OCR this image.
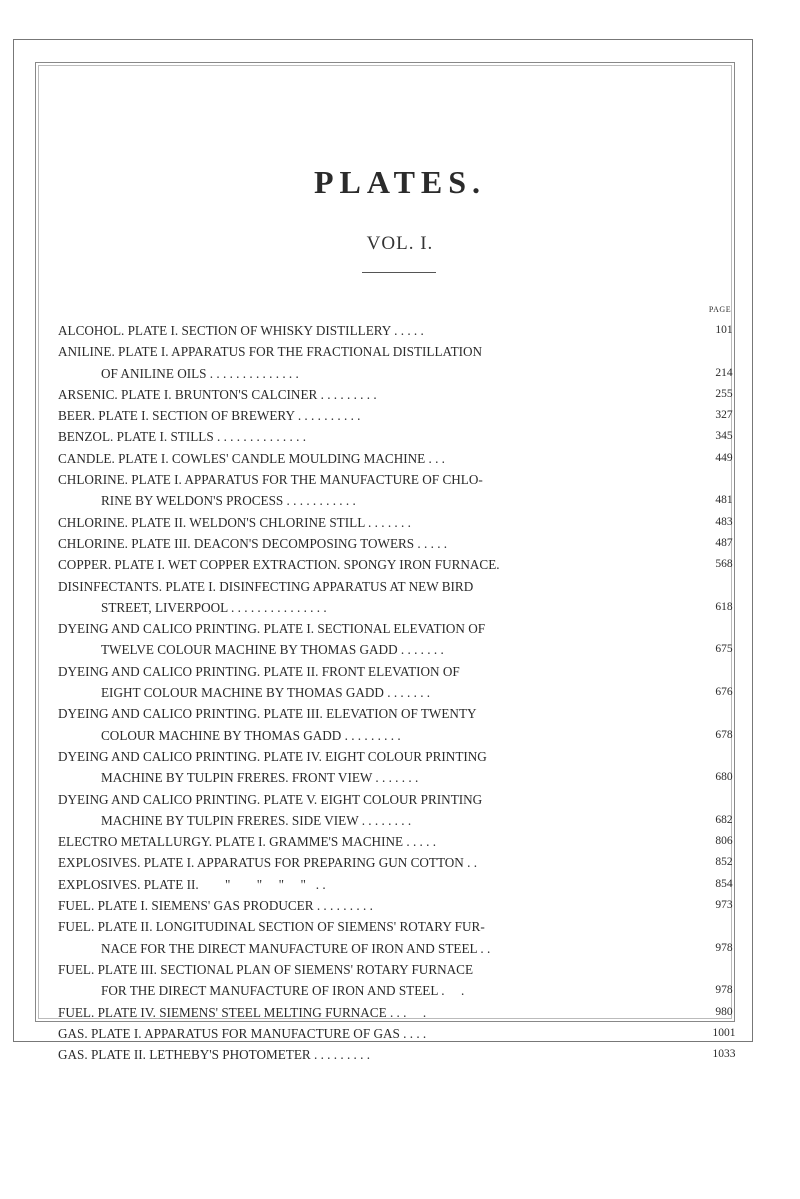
PLATES.
VOL. I.
PAGE
ALCOHOL. PLATE I. SECTION OF WHISKY DISTILLERY . . . . .	101
ANILINE. PLATE I. APPARATUS FOR THE FRACTIONAL DISTILLATION
OF ANILINE OILS . . . . . . . . . . . . . .	214
ARSENIC. PLATE I. BRUNTON'S CALCINER . . . . . . . . .	255
BEER. PLATE I. SECTION OF BREWERY . . . . . . . . . .	327
BENZOL. PLATE I. STILLS . . . . . . . . . . . . . .	345
CANDLE. PLATE I. COWLES' CANDLE MOULDING MACHINE . . .	449
CHLORINE. PLATE I. APPARATUS FOR THE MANUFACTURE OF CHLO-
RINE BY WELDON'S PROCESS . . . . . . . . . . .	481
CHLORINE. PLATE II. WELDON'S CHLORINE STILL . . . . . . .	483
CHLORINE. PLATE III. DEACON'S DECOMPOSING TOWERS . . . . .	487
COPPER. PLATE I. WET COPPER EXTRACTION. SPONGY IRON FURNACE.	568
DISINFECTANTS. PLATE I. DISINFECTING APPARATUS AT NEW BIRD
STREET, LIVERPOOL . . . . . . . . . . . . . . .	618
DYEING AND CALICO PRINTING. PLATE I. SECTIONAL ELEVATION OF
TWELVE COLOUR MACHINE BY THOMAS GADD . . . . . . .	675
DYEING AND CALICO PRINTING. PLATE II. FRONT ELEVATION OF
EIGHT COLOUR MACHINE BY THOMAS GADD . . . . . . .	676
DYEING AND CALICO PRINTING. PLATE III. ELEVATION OF TWENTY
COLOUR MACHINE BY THOMAS GADD . . . . . . . . .	678
DYEING AND CALICO PRINTING. PLATE IV. EIGHT COLOUR PRINTING
MACHINE BY TULPIN FRERES. FRONT VIEW . . . . . . .	680
DYEING AND CALICO PRINTING. PLATE V. EIGHT COLOUR PRINTING
MACHINE BY TULPIN FRERES. SIDE VIEW . . . . . . . .	682
ELECTRO METALLURGY. PLATE I. GRAMME'S MACHINE . . . . .	806
EXPLOSIVES. PLATE I. APPARATUS FOR PREPARING GUN COTTON . .	852
EXPLOSIVES. PLATE II.        "        "     "     "   . .	854
FUEL. PLATE I. SIEMENS' GAS PRODUCER . . . . . . . . .	973
FUEL. PLATE II. LONGITUDINAL SECTION OF SIEMENS' ROTARY FUR-
NACE FOR THE DIRECT MANUFACTURE OF IRON AND STEEL . .	978
FUEL. PLATE III. SECTIONAL PLAN OF SIEMENS' ROTARY FURNACE
FOR THE DIRECT MANUFACTURE OF IRON AND STEEL .     .	978
FUEL. PLATE IV. SIEMENS' STEEL MELTING FURNACE . . .     .	980
GAS. PLATE I. APPARATUS FOR MANUFACTURE OF GAS . . . .	1001
GAS. PLATE II. LETHEBY'S PHOTOMETER . . . . . . . . .	1033
